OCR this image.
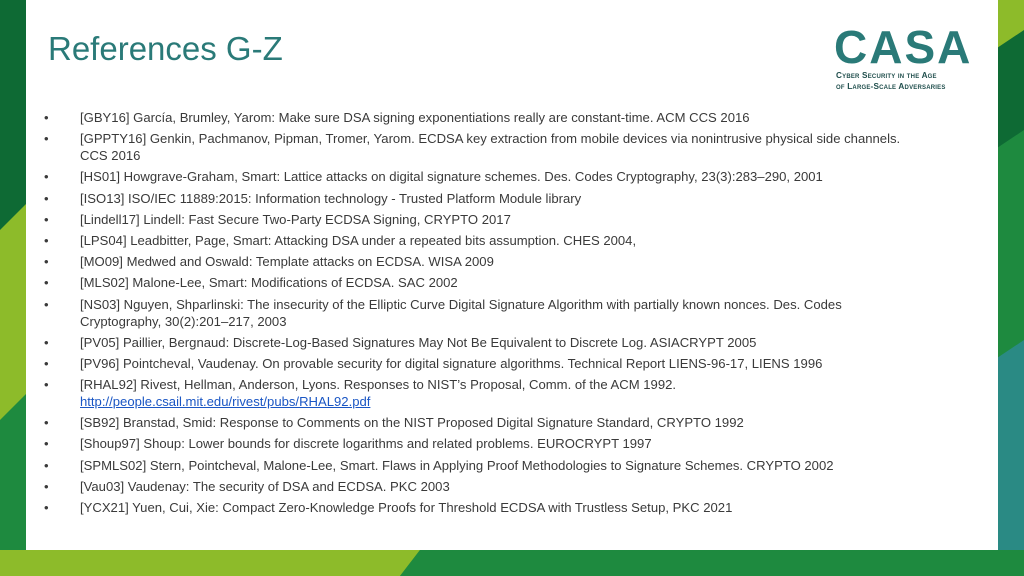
References G-Z	CASA
Cyber Security in the Age
of Large-Scale Adversaries
•	[GBY16] García, Brumley, Yarom: Make sure DSA signing exponentiations really are constant-time. ACM CCS 2016
•	[GPPTY16] Genkin, Pachmanov, Pipman, Tromer, Yarom. ECDSA key extraction from mobile devices via nonintrusive physical side channels. CCS 2016
•	[HS01] Howgrave-Graham, Smart: Lattice attacks on digital signature schemes. Des. Codes Cryptography, 23(3):283–290, 2001
•	[ISO13] ISO/IEC 11889:2015: Information technology - Trusted Platform Module library
•	[Lindell17] Lindell: Fast Secure Two-Party ECDSA Signing, CRYPTO 2017
•	[LPS04] Leadbitter, Page, Smart: Attacking DSA under a repeated bits assumption. CHES 2004,
•	[MO09] Medwed and Oswald: Template attacks on ECDSA. WISA 2009
•	[MLS02] Malone-Lee, Smart: Modifications of ECDSA. SAC 2002
•	[NS03] Nguyen, Shparlinski: The insecurity of the Elliptic Curve Digital Signature Algorithm with partially known nonces. Des. Codes Cryptography, 30(2):201–217, 2003
•	[PV05] Paillier, Bergnaud: Discrete-Log-Based Signatures May Not Be Equivalent to Discrete Log. ASIACRYPT 2005
•	[PV96] Pointcheval, Vaudenay. On provable security for digital signature algorithms. Technical Report LIENS-96-17, LIENS 1996
•	[RHAL92] Rivest, Hellman, Anderson, Lyons. Responses to NIST’s Proposal, Comm. of the ACM 1992.
http://people.csail.mit.edu/rivest/pubs/RHAL92.pdf
•	[SB92] Branstad, Smid: Response to Comments on the NIST Proposed Digital Signature Standard, CRYPTO 1992
•	[Shoup97] Shoup: Lower bounds for discrete logarithms and related problems. EUROCRYPT 1997
•	[SPMLS02] Stern, Pointcheval, Malone-Lee, Smart. Flaws in Applying Proof Methodologies to Signature Schemes. CRYPTO 2002
•	[Vau03] Vaudenay: The security of DSA and ECDSA. PKC 2003
•	[YCX21] Yuen, Cui, Xie: Compact Zero-Knowledge Proofs for Threshold ECDSA with Trustless Setup, PKC 2021
